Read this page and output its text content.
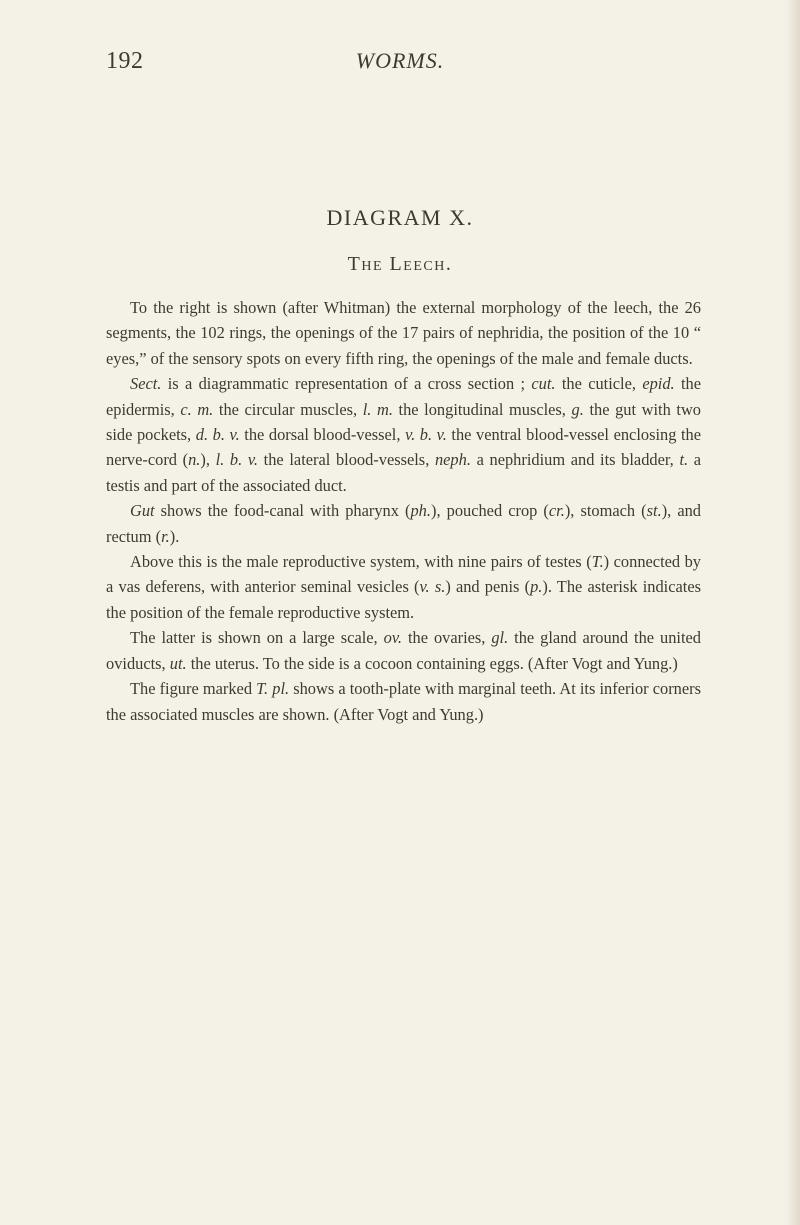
192	WORMS.
DIAGRAM X.
The Leech.

To the right is shown (after Whitman) the external morphology of the leech, the 26 segments, the 102 rings, the openings of the 17 pairs of nephridia, the position of the 10 “ eyes,” of the sensory spots on every fifth ring, the openings of the male and female ducts.

Sect. is a diagrammatic representation of a cross section ; cut. the cuticle, epid. the epidermis, c. m. the circular muscles, l. m. the longitudinal muscles, g. the gut with two side pockets, d. b. v. the dorsal blood-vessel, v. b. v. the ventral blood-vessel enclosing the nerve-cord (n.), l. b. v. the lateral blood-vessels, neph. a nephridium and its bladder, t. a testis and part of the associated duct.

Gut shows the food-canal with pharynx (ph.), pouched crop (cr.), stomach (st.), and rectum (r.).

Above this is the male reproductive system, with nine pairs of testes (T.) connected by a vas deferens, with anterior seminal vesicles (v. s.) and penis (p.). The asterisk indicates the position of the female reproductive system.

The latter is shown on a large scale, ov. the ovaries, gl. the gland around the united oviducts, ut. the uterus. To the side is a cocoon containing eggs. (After Vogt and Yung.)

The figure marked T. pl. shows a tooth-plate with marginal teeth. At its inferior corners the associated muscles are shown. (After Vogt and Yung.)
